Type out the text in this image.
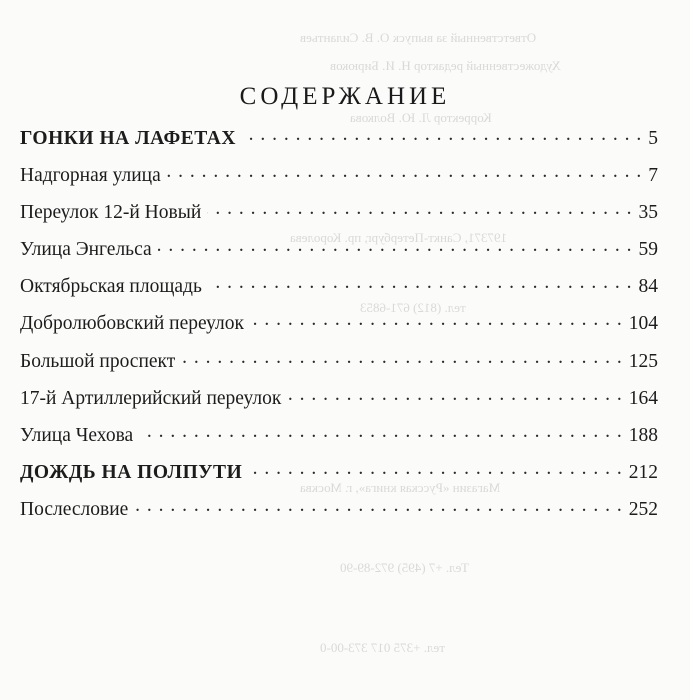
Ответственный за выпуск О. В. Силантьев
Художественный редактор Н. И. Бирюков
Корректор Л. Ю. Волкова
197371, Санкт-Петербург, пр. Королева
тел. (812) 671-6853
Магазин «Русская книга», г. Москва
Тел. +7 (495) 972-89-90
тел. +375 017 373-00-0
СОДЕРЖАНИЕ
ГОНКИ НА ЛАФЕТАХ . . .	5
Надгорная улица . . .	7
Переулок 12-й Новый . . .	35
Улица Энгельса . . .	59
Октябрьская площадь . . .	84
Добролюбовский переулок . . .	104
Большой проспект . . .	125
17-й Артиллерийский переулок . . .	164
Улица Чехова . . .	188
ДОЖДЬ НА ПОЛПУТИ . . .	212
Послесловие . . .	252
